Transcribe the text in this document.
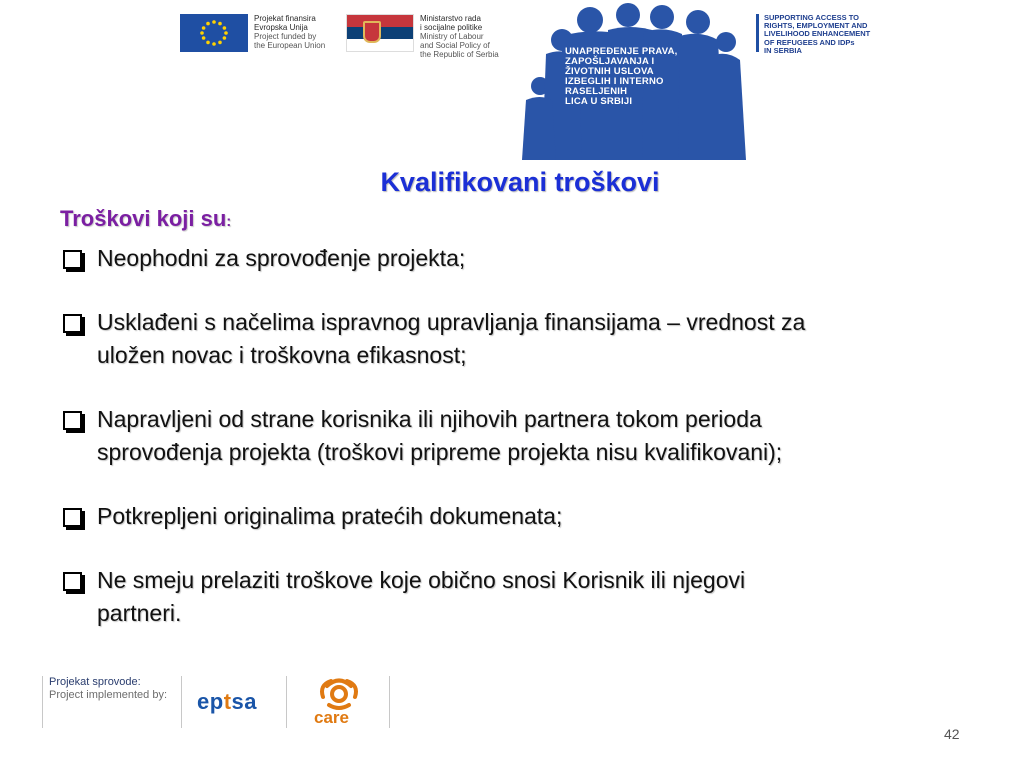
Projekat finansira
Evropska Unija
Project funded by
the European Union
Ministarstvo rada
i socijalne politike
Ministry of Labour
and Social Policy of
the Republic of Serbia	UNAPREĐENJE PRAVA,
ZAPOŠLJAVANJA I
ŽIVOTNIH USLOVA
IZBEGLIH I INTERNO
RASELJENIH
LICA U SRBIJI
SUPPORTING ACCESS TO
RIGHTS, EMPLOYMENT AND
LIVELIHOOD ENHANCEMENT
OF REFUGEES AND IDPs
IN SERBIA
Kvalifikovani troškovi
Troškovi koji su:
Neophodni za sprovođenje projekta;
Usklađeni s načelima ispravnog upravljanja finansijama – vrednost za
uložen novac i troškovna efikasnost;
Napravljeni od strane korisnika ili njihovih partnera tokom perioda
sprovođenja projekta (troškovi pripreme projekta nisu kvalifikovani);
Potkrepljeni originalima pratećih dokumenata;
Ne smeju prelaziti troškove koje obično snosi Korisnik ili njegovi
partneri.
Projekat sprovode:
Project implemented by: eptsa
care
42
